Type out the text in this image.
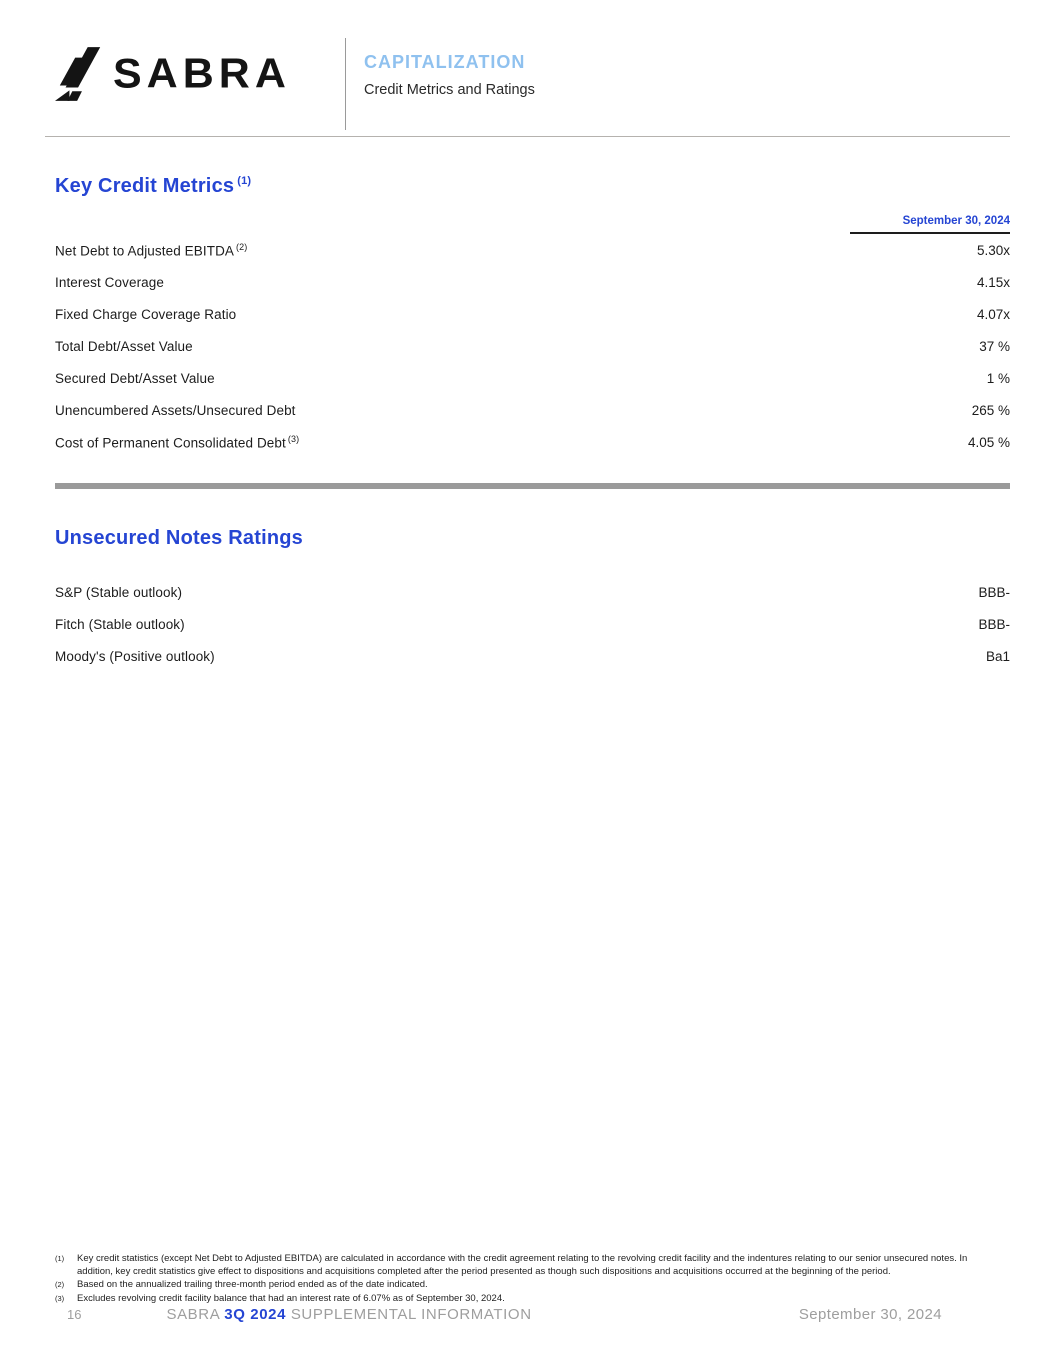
SABRA	CAPITALIZATION
Credit Metrics and Ratings
Key Credit Metrics $^{(1)}$
September 30, 2024
Net Debt to Adjusted EBITDA $^{(2)}$	5.30x
Interest Coverage	4.15x
Fixed Charge Coverage Ratio	4.07x
Total Debt/Asset Value	37 %
Secured Debt/Asset Value	1 %
Unencumbered Assets/Unsecured Debt	265 %
Cost of Permanent Consolidated Debt $^{(3)}$	4.05 %
Unsecured Notes Ratings
S&P (Stable outlook)	BBB-
Fitch (Stable outlook)	BBB-
Moody's (Positive outlook)	Ba1
(1)	Key credit statistics (except Net Debt to Adjusted EBITDA) are calculated in accordance with the credit agreement relating to the revolving credit facility and the indentures relating to our senior unsecured notes. In addition, key credit statistics give effect to dispositions and acquisitions completed after the period presented as though such dispositions and acquisitions occurred at the beginning of the period.
(2)	Based on the annualized trailing three-month period ended as of the date indicated.
(3)	Excludes revolving credit facility balance that had an interest rate of 6.07% as of September 30, 2024.
16	SABRA 3Q 2024 SUPPLEMENTAL INFORMATION	September 30, 2024
